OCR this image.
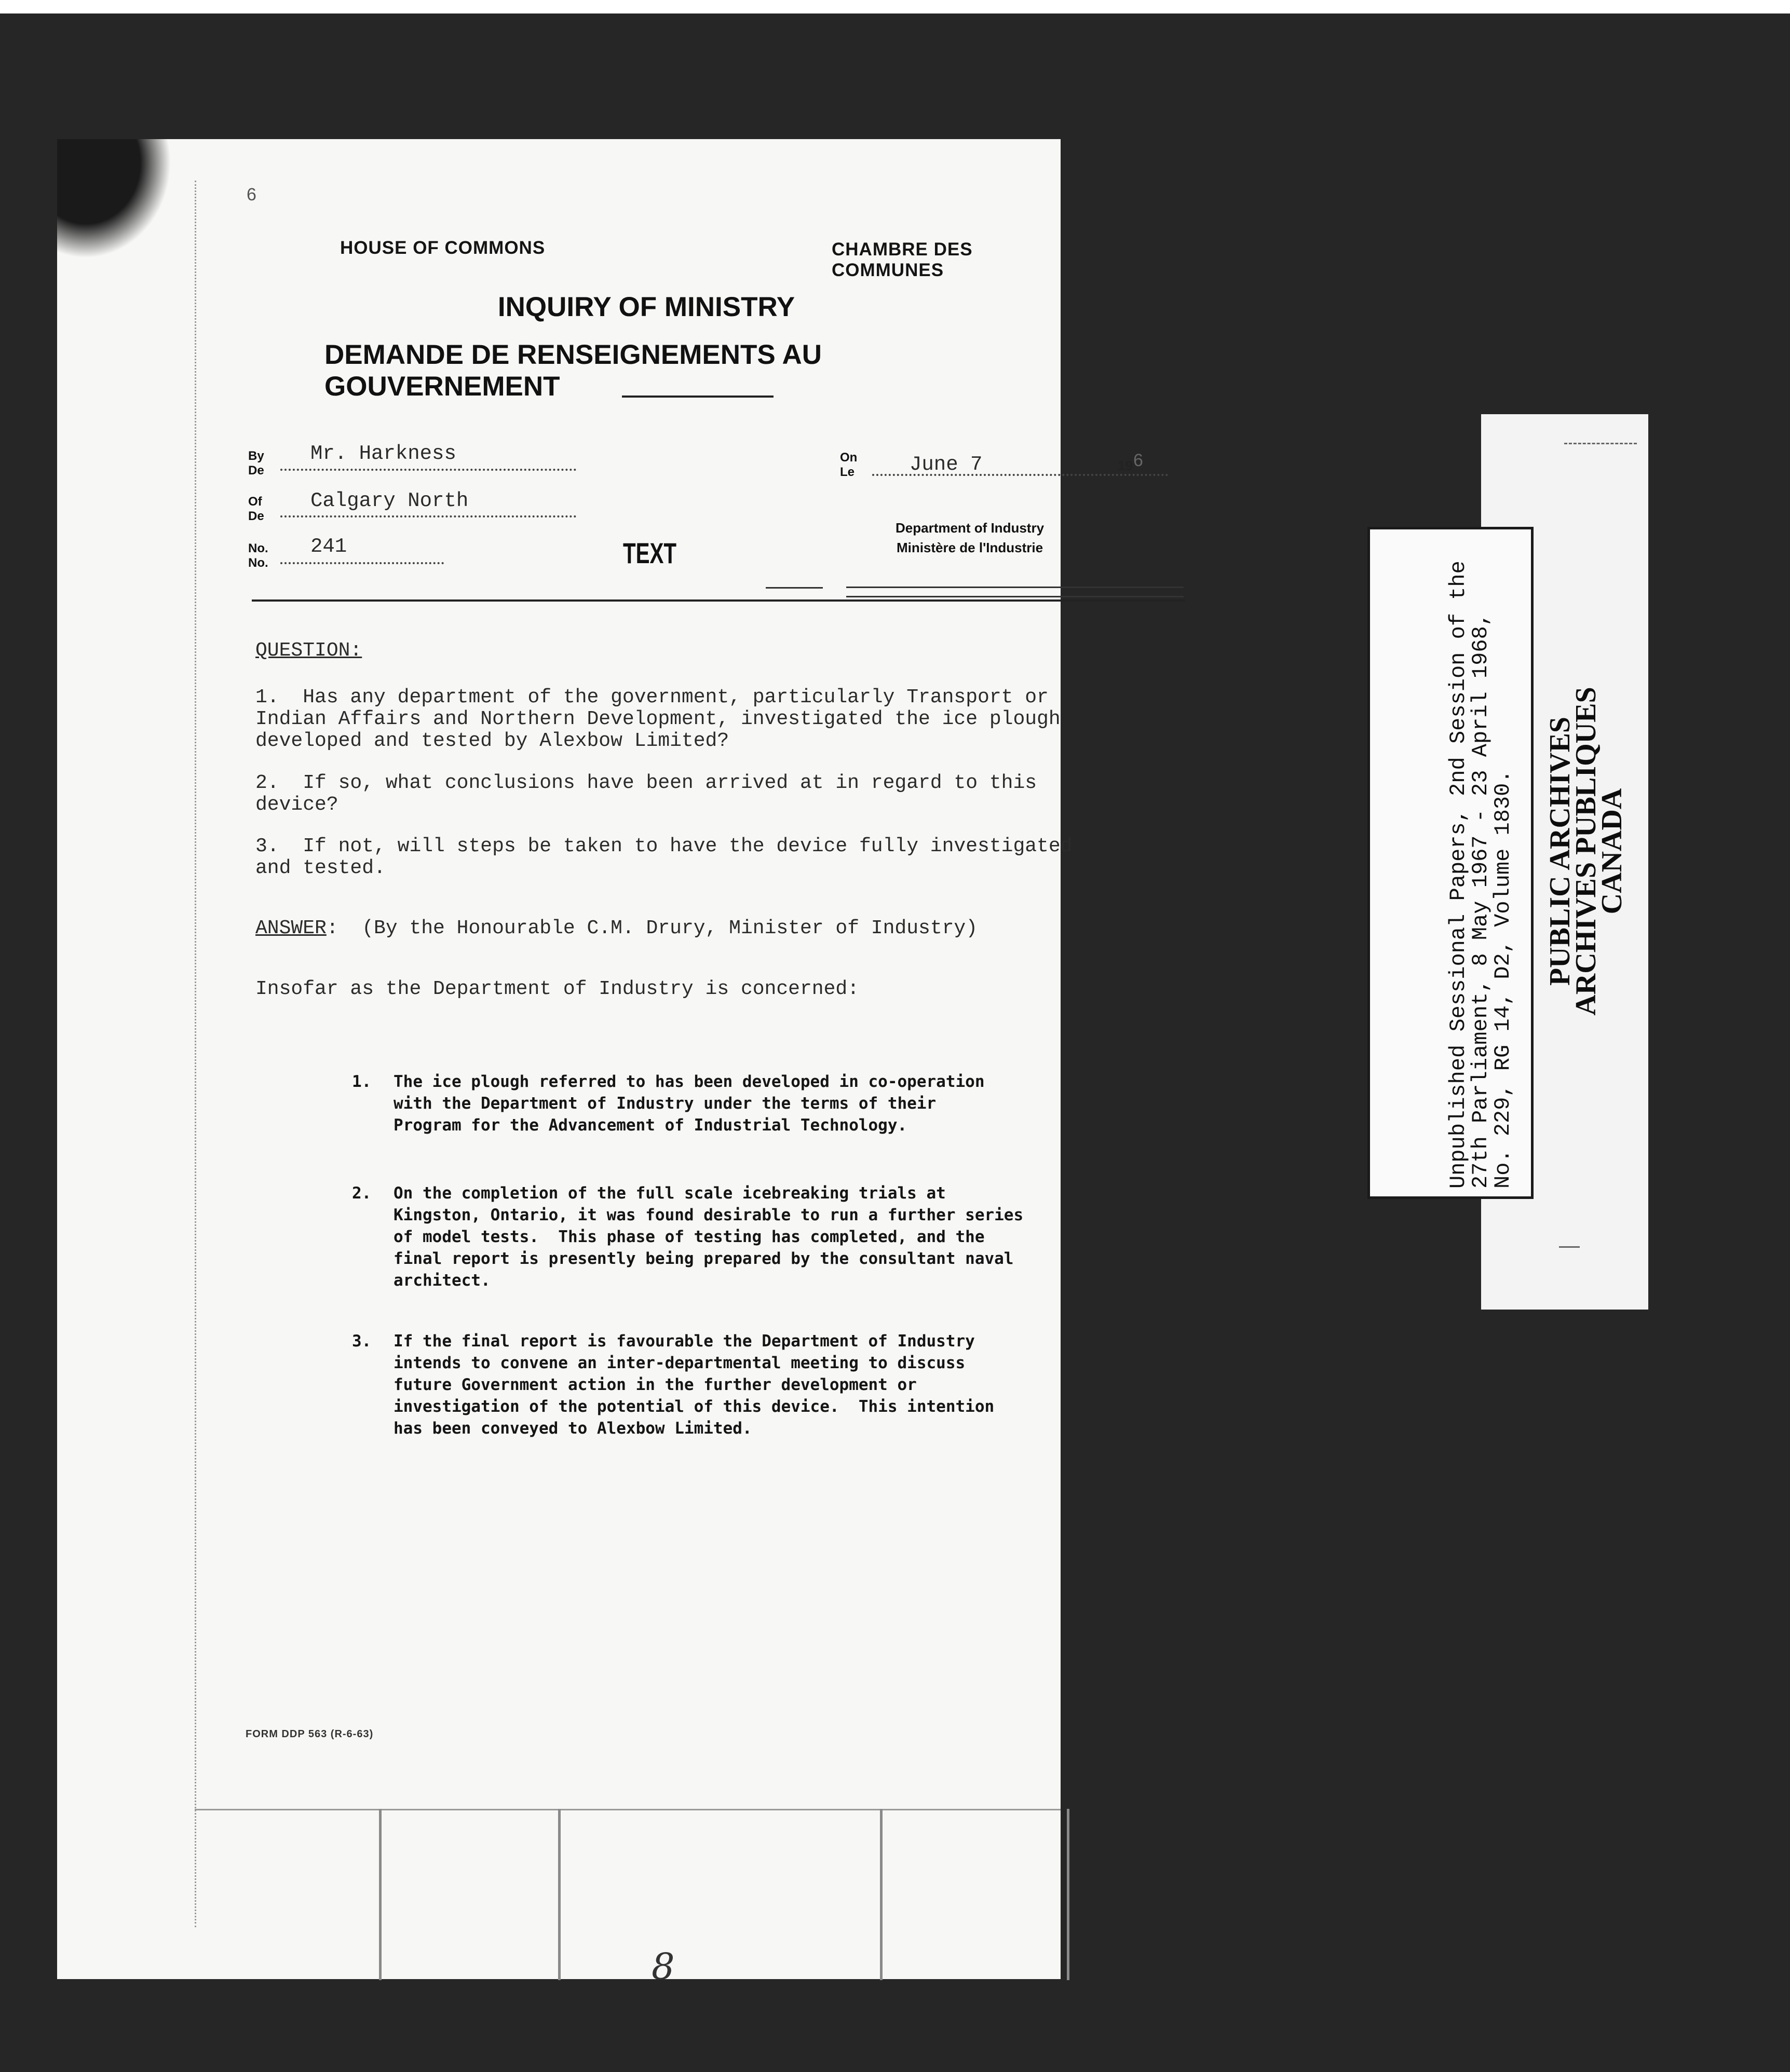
6
HOUSE OF COMMONS	CHAMBRE DES COMMUNES
INQUIRY OF MINISTRY
DEMANDE DE RENSEIGNEMENTS AU GOUVERNEMENT
By
De
Mr. Harkness
Of
De
Calgary North
No.
No.
241	TEXT
On
Le	June 7	19 6
Department of Industry
Ministère de l'Industrie
QUESTION:
1.  Has any department of the government, particularly Transport or
Indian Affairs and Northern Development, investigated the ice plough
developed and tested by Alexbow Limited?
2.  If so, what conclusions have been arrived at in regard to this
device?
3.  If not, will steps be taken to have the device fully investigated
and tested.
ANSWER:  (By the Honourable C.M. Drury, Minister of Industry)
Insofar as the Department of Industry is concerned:
1. The ice plough referred to has been developed in co-operation
with the Department of Industry under the terms of their
Program for the Advancement of Industrial Technology.
2. On the completion of the full scale icebreaking trials at
Kingston, Ontario, it was found desirable to run a further series
of model tests.  This phase of testing has completed, and the
final report is presently being prepared by the consultant naval
architect.
3. If the final report is favourable the Department of Industry
intends to convene an inter-departmental meeting to discuss
future Government action in the further development or
investigation of the potential of this device.  This intention
has been conveyed to Alexbow Limited.
FORM DDP 563 (R-6-63)
8
Unpublished Sessional Papers, 2nd Session of the
27th Parliament, 8 May 1967 - 23 April 1968,
No. 229, RG 14, D2, Volume 1830.
PUBLIC ARCHIVES
ARCHIVES PUBLIQUES
CANADA
